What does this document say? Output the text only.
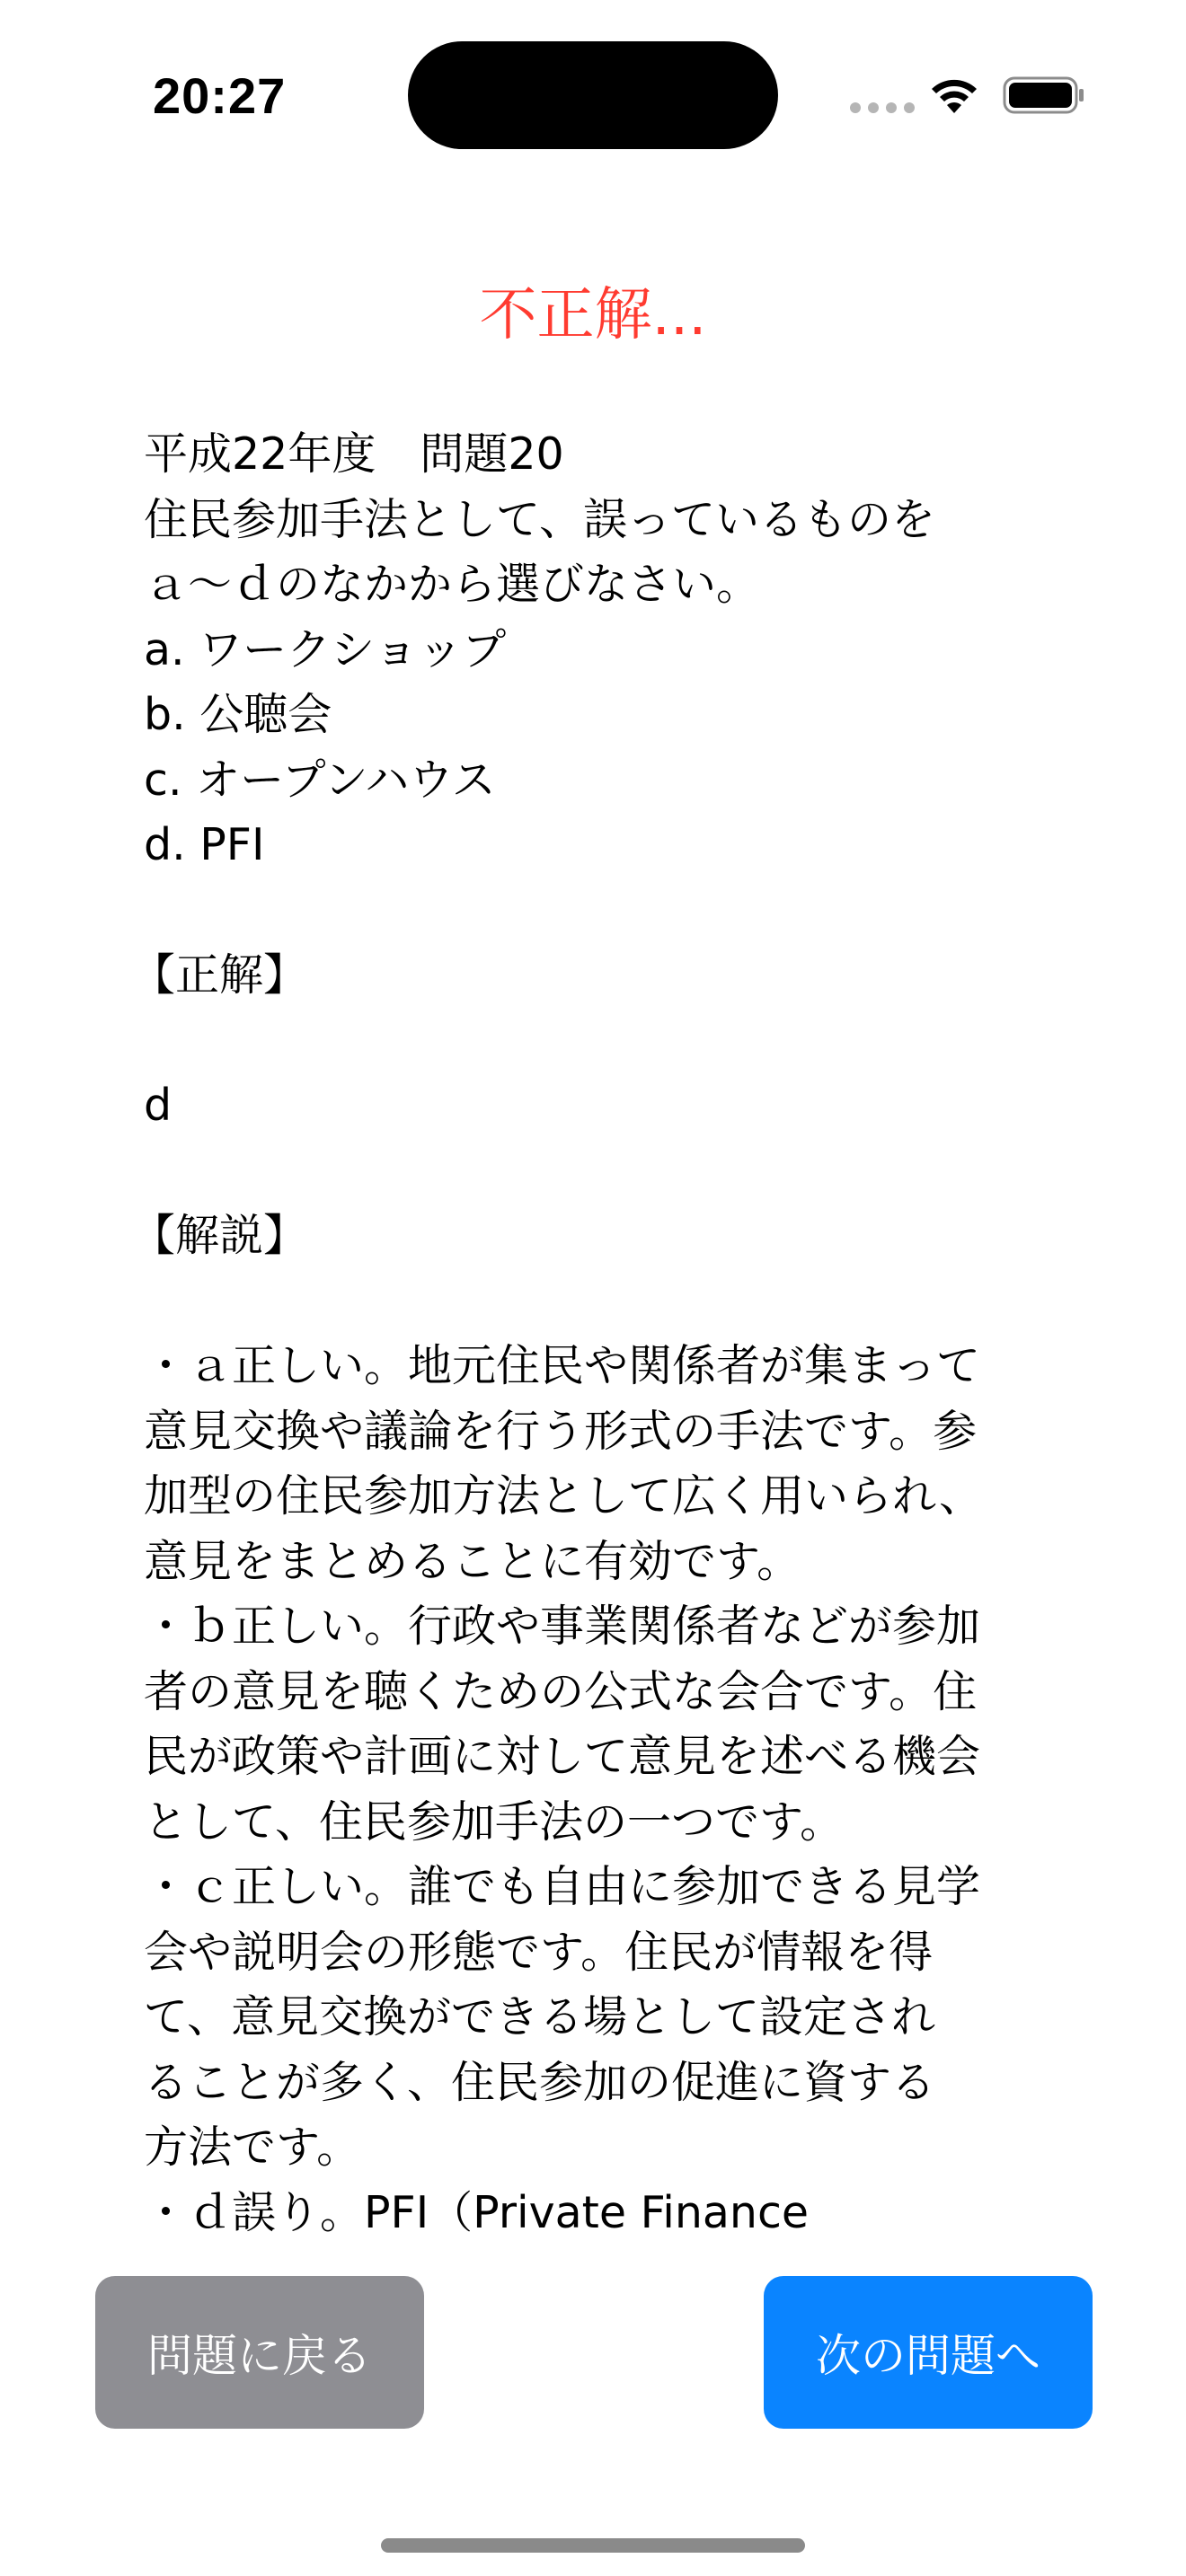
20:27
不正解...

平成22年度　問題20

住民参加手法として、誤っているものを

ａ〜ｄのなかから選びなさい。

a. ワークショップ

b. 公聴会

c. オープンハウス

d. PFI

【正解】

d

【解説】

・ａ正しい。地元住民や関係者が集まって

意見交換や議論を行う形式の手法です。参

加型の住民参加方法として広く用いられ、

意見をまとめることに有効です。

・ｂ正しい。行政や事業関係者などが参加

者の意見を聴くための公式な会合です。住

民が政策や計画に対して意見を述べる機会

として、住民参加手法の一つです。

・ｃ正しい。誰でも自由に参加できる見学

会や説明会の形態です。住民が情報を得

て、意見交換ができる場として設定され

ることが多く、住民参加の促進に資する

方法です。

・ｄ誤り。PFI（Private Finance

問題に戻る	次の問題へ
